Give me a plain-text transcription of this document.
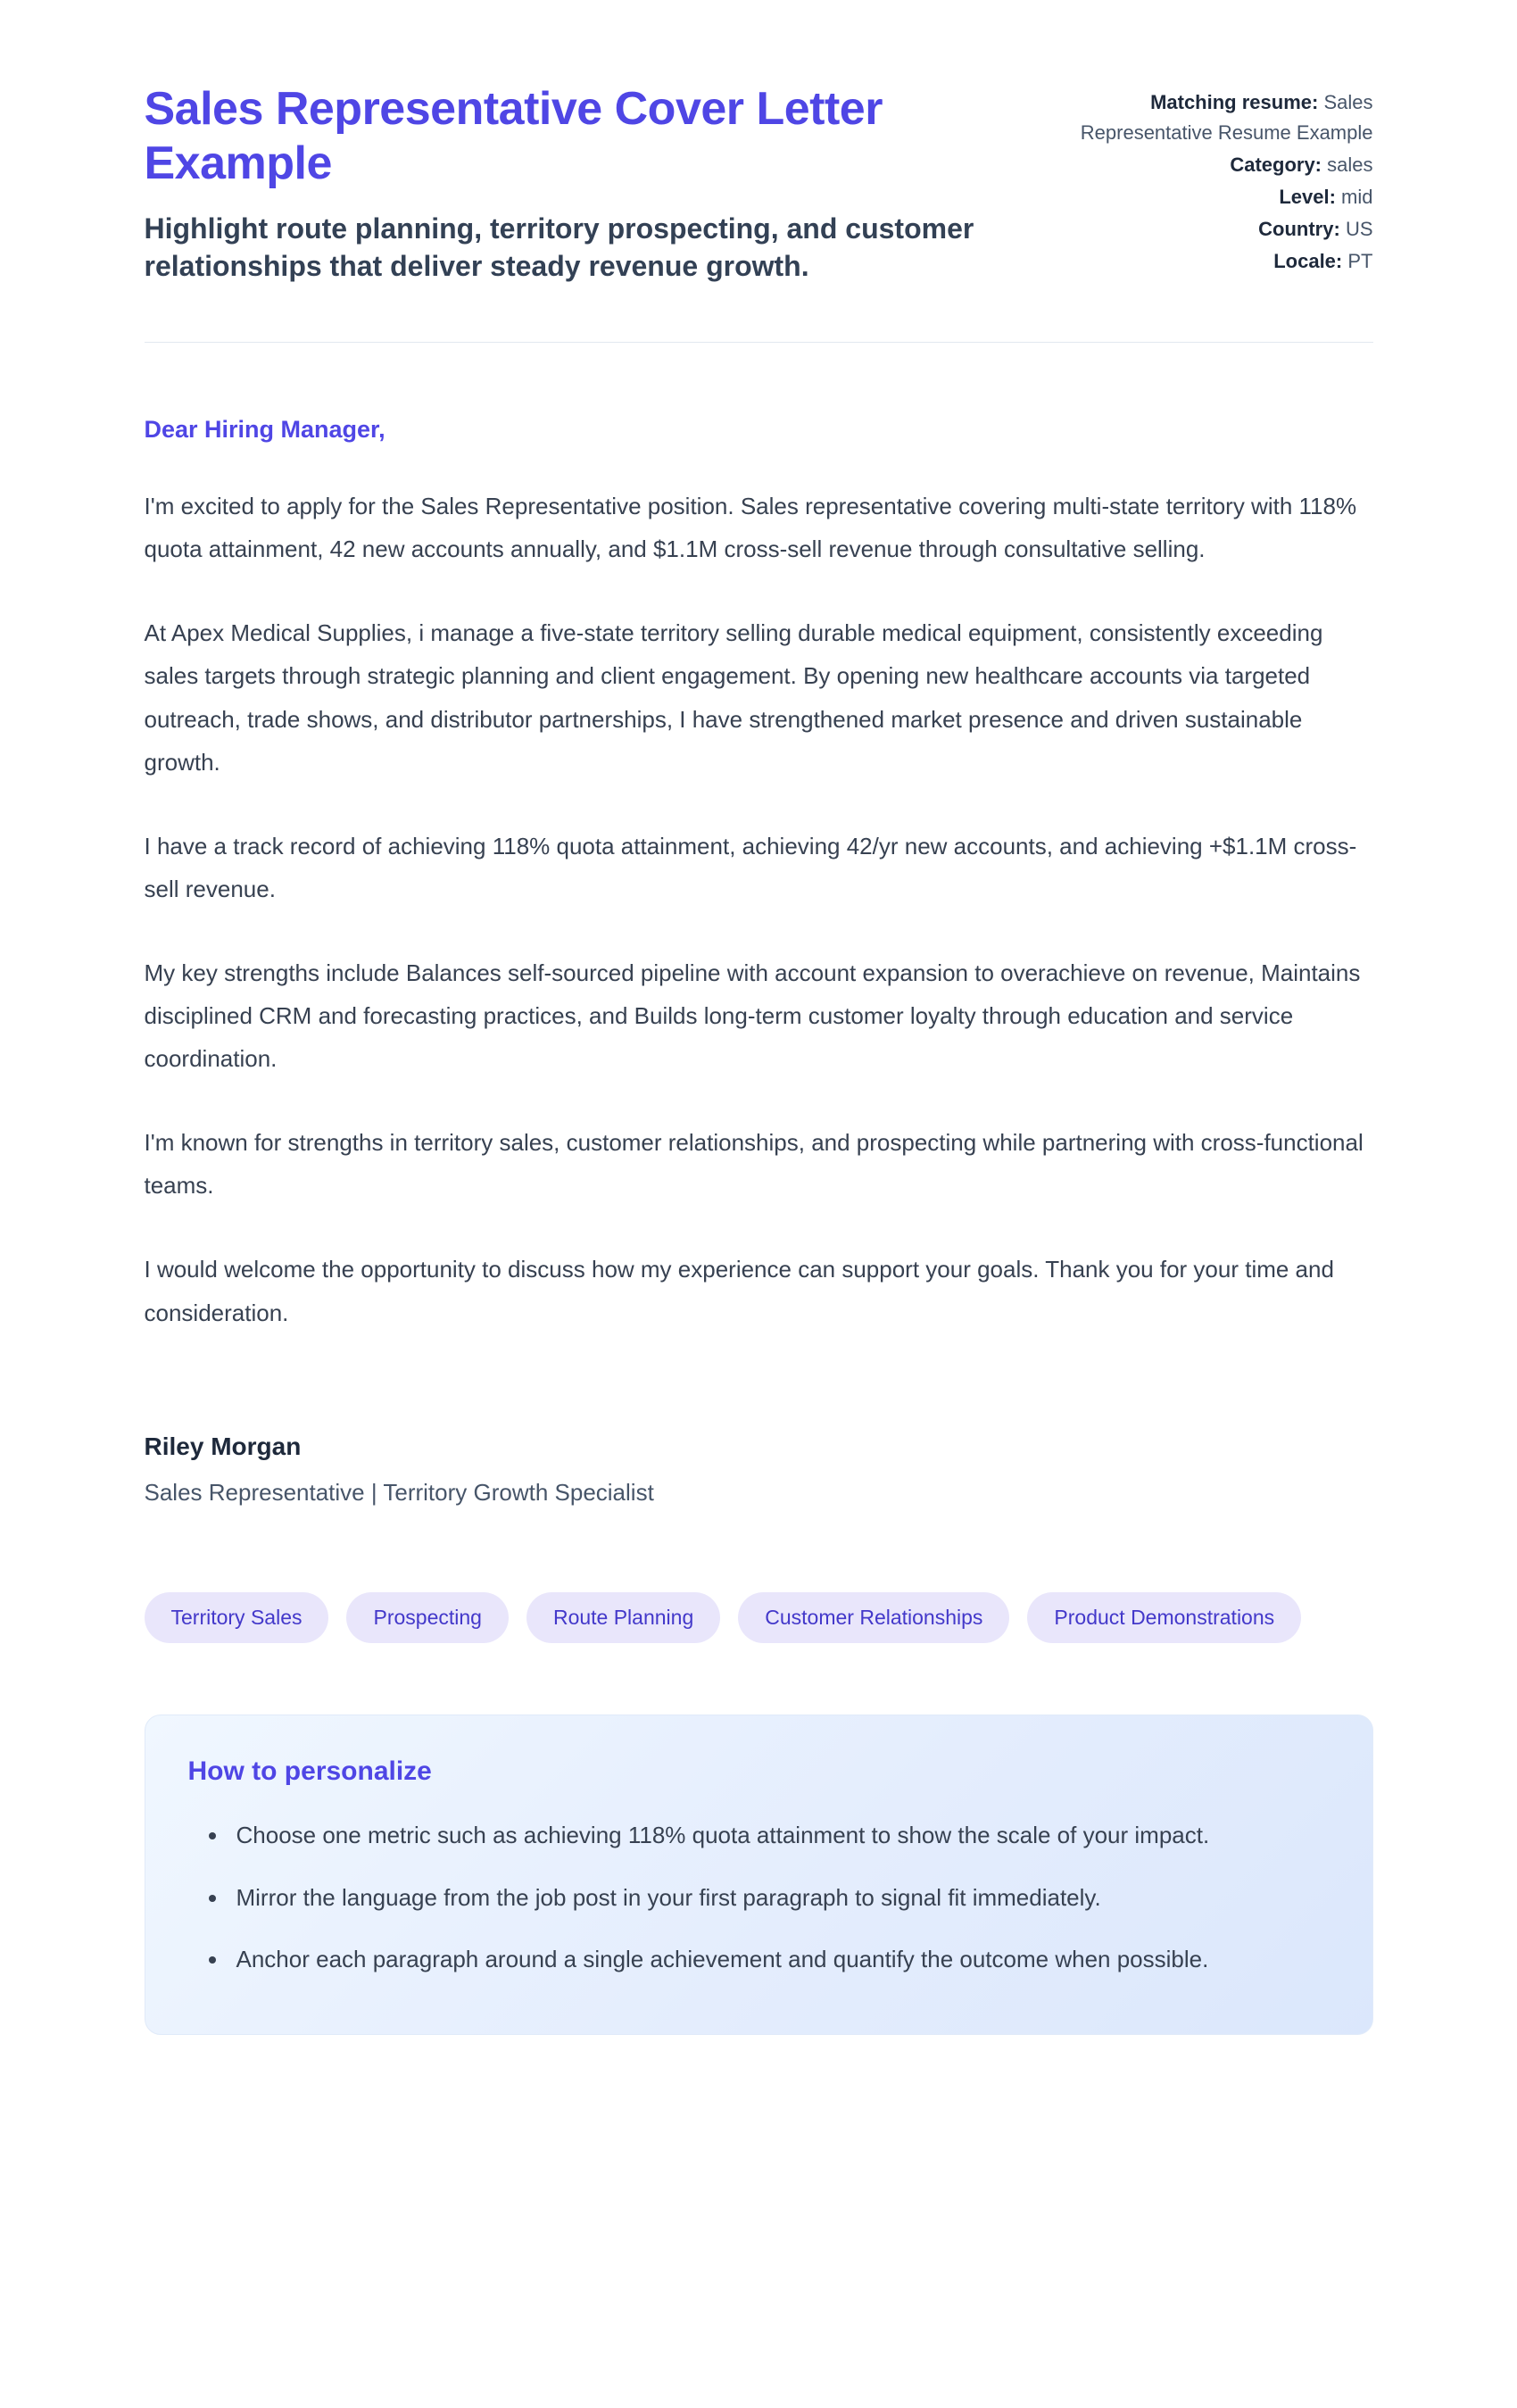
Sales Representative Cover Letter Example

Highlight route planning, territory prospecting, and customer relationships that deliver steady revenue growth.

Matching resume: Sales Representative Resume Example
Category: sales
Level: mid
Country: US
Locale: PT

Dear Hiring Manager,

I'm excited to apply for the Sales Representative position. Sales representative covering multi-state territory with 118% quota attainment, 42 new accounts annually, and $1.1M cross-sell revenue through consultative selling.

At Apex Medical Supplies, i manage a five-state territory selling durable medical equipment, consistently exceeding sales targets through strategic planning and client engagement. By opening new healthcare accounts via targeted outreach, trade shows, and distributor partnerships, I have strengthened market presence and driven sustainable growth.

I have a track record of achieving 118% quota attainment, achieving 42/yr new accounts, and achieving +$1.1M cross-sell revenue.

My key strengths include Balances self-sourced pipeline with account expansion to overachieve on revenue, Maintains disciplined CRM and forecasting practices, and Builds long-term customer loyalty through education and service coordination.

I'm known for strengths in territory sales, customer relationships, and prospecting while partnering with cross-functional teams.

I would welcome the opportunity to discuss how my experience can support your goals. Thank you for your time and consideration.

Riley Morgan

Sales Representative | Territory Growth Specialist

Territory Sales	Prospecting	Route Planning	Customer Relationships	Product Demonstrations
How to personalize
• Choose one metric such as achieving 118% quota attainment to show the scale of your impact.
• Mirror the language from the job post in your first paragraph to signal fit immediately.
• Anchor each paragraph around a single achievement and quantify the outcome when possible.
